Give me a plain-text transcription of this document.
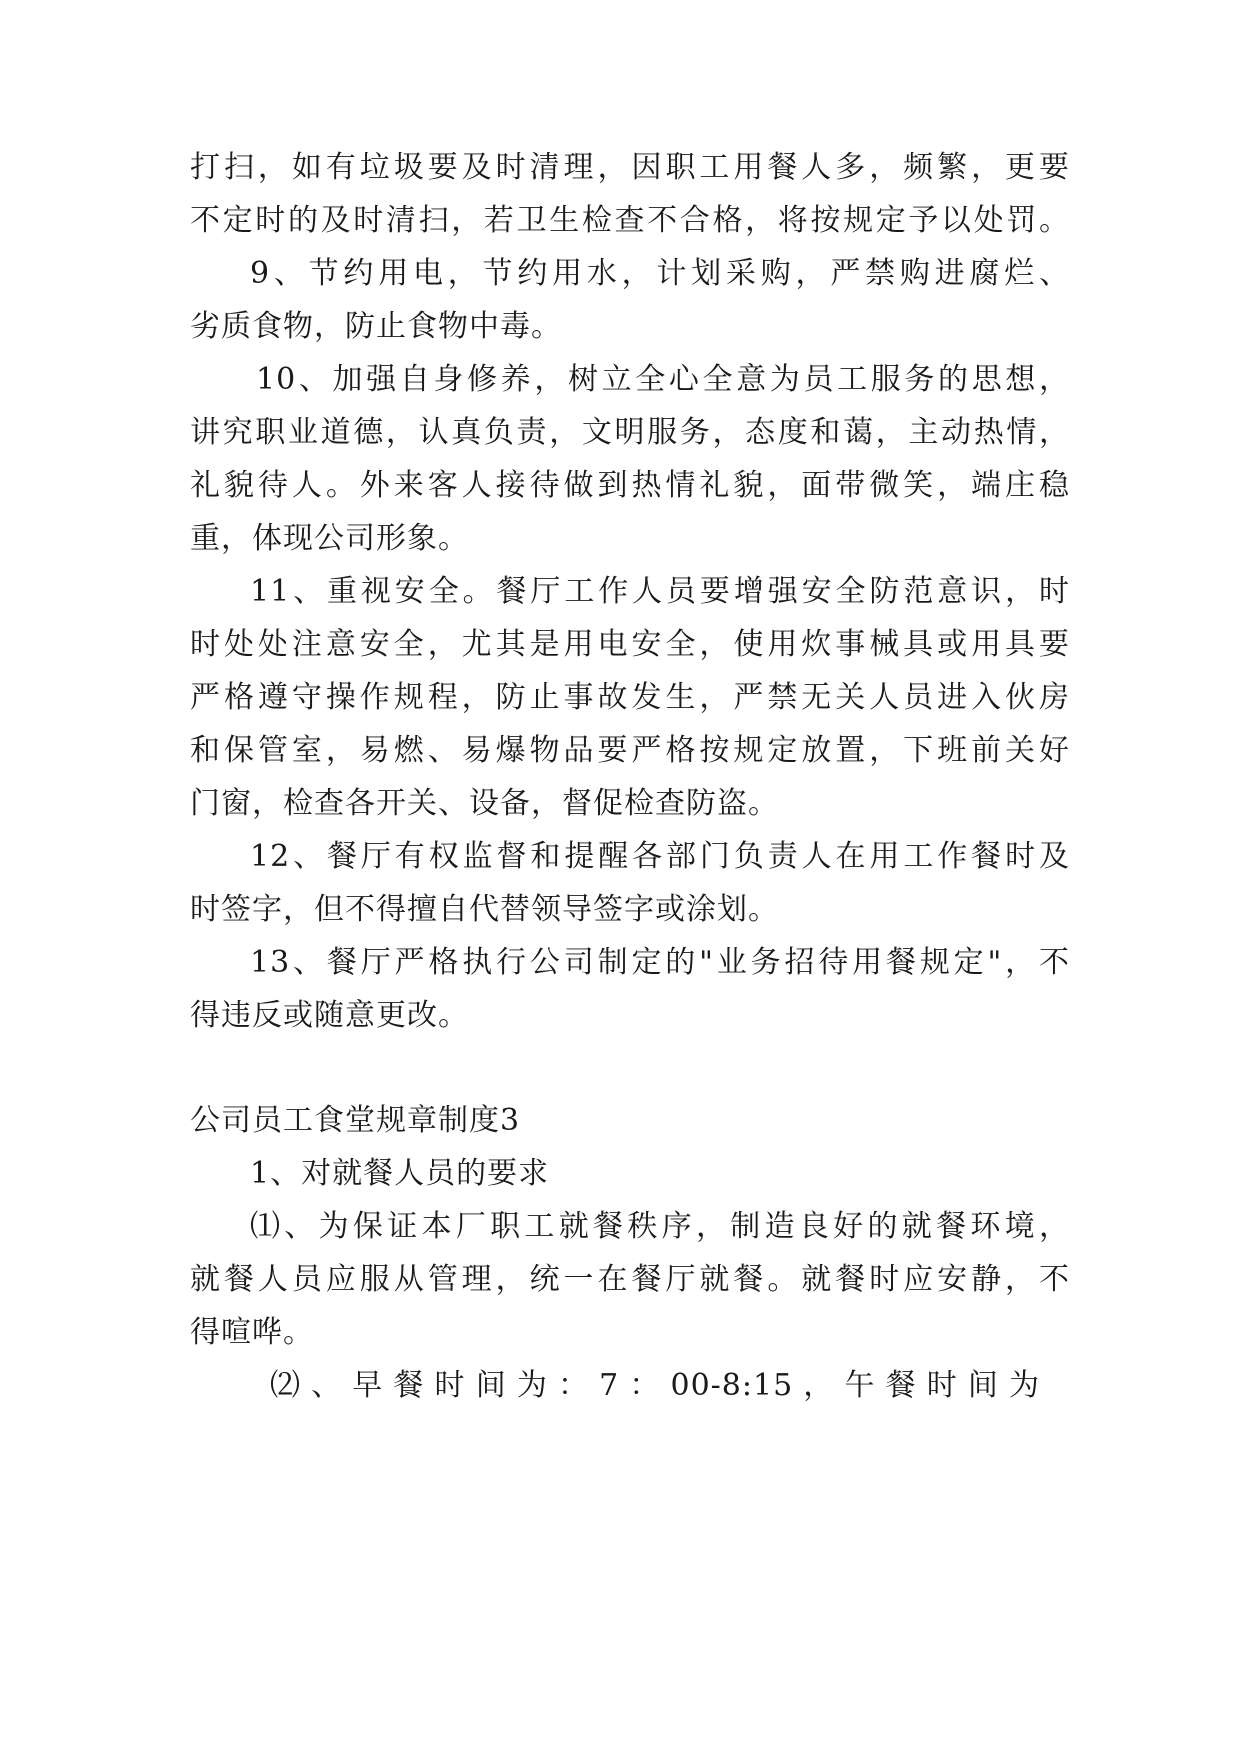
打扫，如有垃圾要及时清理，因职工用餐人多，频繁，更要
不定时的及时清扫，若卫生检查不合格，将按规定予以处罚。
9、节约用电，节约用水，计划采购，严禁购进腐烂、
劣质食物，防止食物中毒。
10、加强自身修养，树立全心全意为员工服务的思想，
讲究职业道德，认真负责，文明服务，态度和蔼，主动热情，
礼貌待人。外来客人接待做到热情礼貌，面带微笑，端庄稳
重，体现公司形象。
11、重视安全。餐厅工作人员要增强安全防范意识，时
时处处注意安全，尤其是用电安全，使用炊事械具或用具要
严格遵守操作规程，防止事故发生，严禁无关人员进入伙房
和保管室，易燃、易爆物品要严格按规定放置，下班前关好
门窗，检查各开关、设备，督促检查防盗。
12、餐厅有权监督和提醒各部门负责人在用工作餐时及
时签字，但不得擅自代替领导签字或涂划。
13、餐厅严格执行公司制定的"业务招待用餐规定"，不
得违反或随意更改。
公司员工食堂规章制度3
1、对就餐人员的要求
⑴、为保证本厂职工就餐秩序，制造良好的就餐环境，
就餐人员应服从管理，统一在餐厅就餐。就餐时应安静，不
得喧哗。
⑵、早餐时间为：7：00-8:15，午餐时间为
